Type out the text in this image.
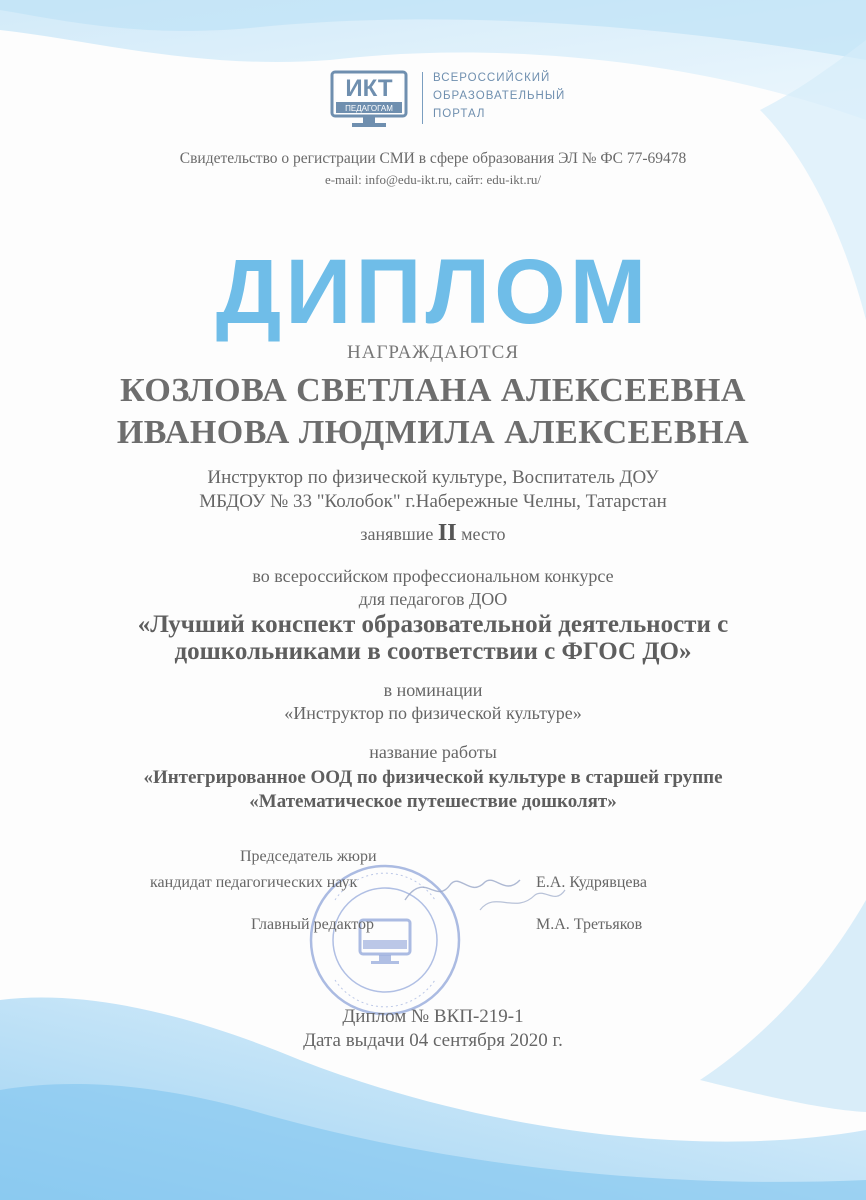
ИКТ
ПЕДАГОГАМ
ВСЕРОССИЙСКИЙ
ОБРАЗОВАТЕЛЬНЫЙ
ПОРТАЛ
Свидетельство о регистрации СМИ в сфере образования ЭЛ № ФС 77-69478
e-mail: info@edu-ikt.ru, сайт: edu-ikt.ru/
ДИПЛОМ
НАГРАЖДАЮТСЯ
КОЗЛОВА СВЕТЛАНА АЛЕКСЕЕВНА
ИВАНОВА ЛЮДМИЛА АЛЕКСЕЕВНА
Инструктор по физической культуре, Воспитатель ДОУ
МБДОУ № 33 "Колобок" г.Набережные Челны, Татарстан
занявшие II место
во всероссийском профессиональном конкурсе
для педагогов ДОО
«Лучший конспект образовательной деятельности с
дошкольниками в соответствии с ФГОС ДО»
в номинации
«Инструктор по физической культуре»
название работы
«Интегрированное ООД по физической культуре в старшей группе
«Математическое путешествие дошколят»
Председатель жюри
кандидат педагогических наук	Е.А. Кудрявцева
Главный редактор	М.А. Третьяков
Диплом № ВКП-219-1
Дата выдачи 04 сентября 2020 г.
